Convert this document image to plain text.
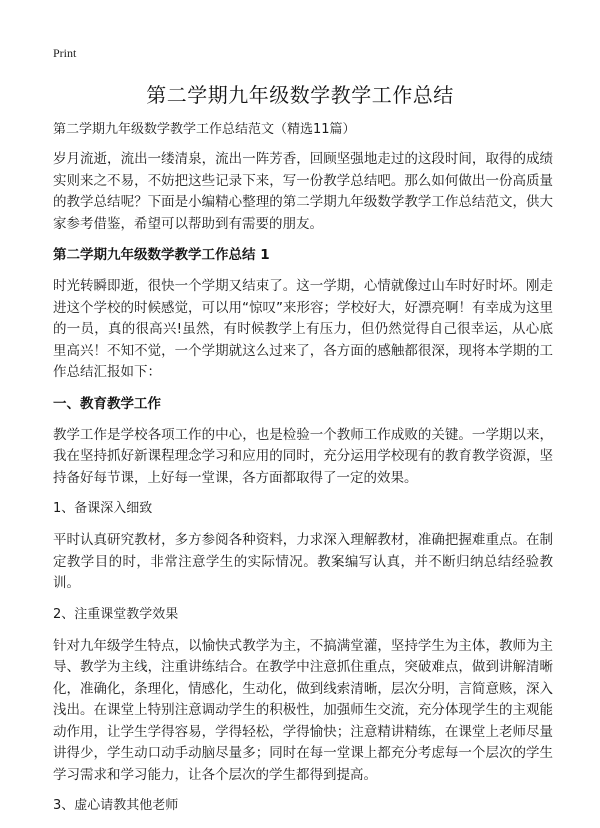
Print
第二学期九年级数学教学工作总结
第二学期九年级数学教学工作总结范文（精选11篇）

岁月流逝，流出一缕清泉，流出一阵芳香，回顾坚强地走过的这段时间，取得的成绩实则来之不易，不妨把这些记录下来，写一份教学总结吧。那么如何做出一份高质量的教学总结呢？下面是小编精心整理的第二学期九年级数学教学工作总结范文，供大家参考借鉴，希望可以帮助到有需要的朋友。

第二学期九年级数学教学工作总结 1

时光转瞬即逝，很快一个学期又结束了。这一学期，心情就像过山车时好时坏。刚走进这个学校的时候感觉，可以用“惊叹”来形容；学校好大，好漂亮啊！有幸成为这里的一员，真的很高兴!虽然，有时候教学上有压力，但仍然觉得自己很幸运，从心底里高兴！不知不觉，一个学期就这么过来了，各方面的感触都很深，现将本学期的工作总结汇报如下：

一、教育教学工作

教学工作是学校各项工作的中心，也是检验一个教师工作成败的关键。一学期以来，我在坚持抓好新课程理念学习和应用的同时，充分运用学校现有的教育教学资源，坚持备好每节课，上好每一堂课，各方面都取得了一定的效果。

1、备课深入细致

平时认真研究教材，多方参阅各种资料，力求深入理解教材，准确把握难重点。在制定教学目的时，非常注意学生的实际情况。教案编写认真，并不断归纳总结经验教训。

2、注重课堂教学效果

针对九年级学生特点，以愉快式教学为主，不搞满堂灌，坚持学生为主体，教师为主导、教学为主线，注重讲练结合。在教学中注意抓住重点，突破难点，做到讲解清晰化，准确化，条理化，情感化，生动化，做到线索清晰，层次分明，言简意赅，深入浅出。在课堂上特别注意调动学生的积极性，加强师生交流，充分体现学生的主观能动作用，让学生学得容易，学得轻松，学得愉快；注意精讲精练，在课堂上老师尽量讲得少，学生动口动手动脑尽量多；同时在每一堂课上都充分考虑每一个层次的学生学习需求和学习能力，让各个层次的学生都得到提高。

3、虚心请教其他老师
